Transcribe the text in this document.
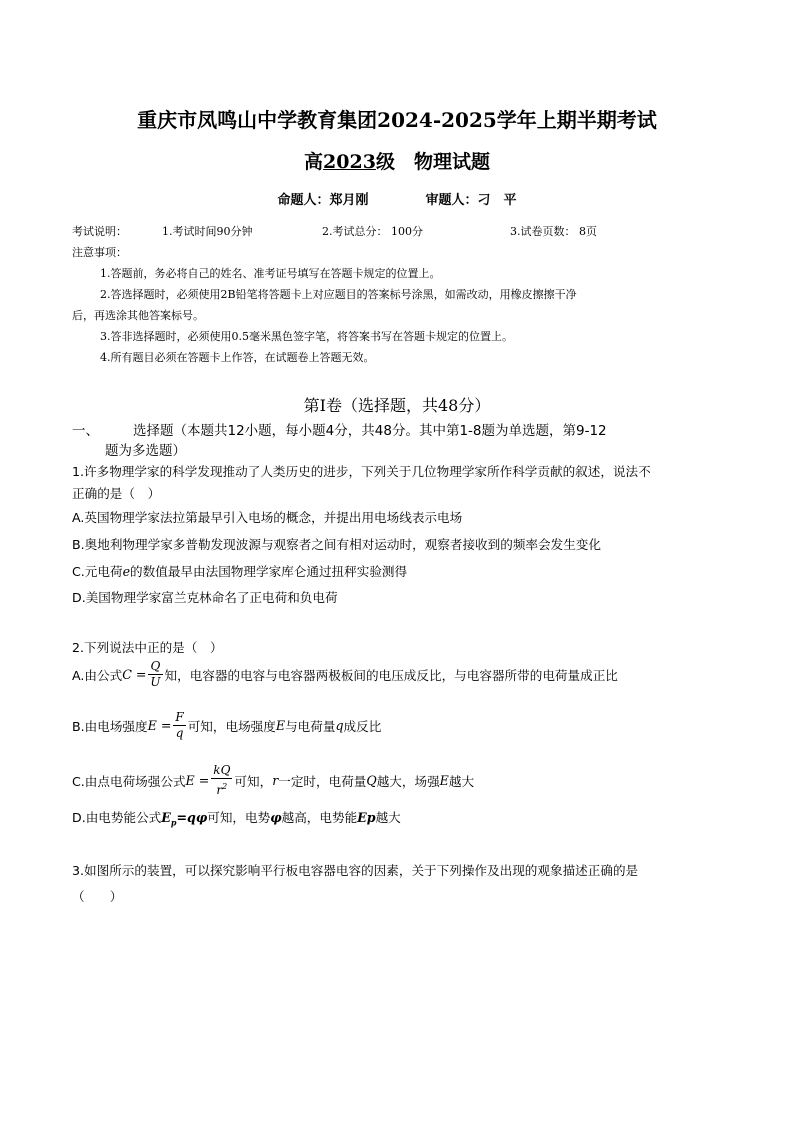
重庆市凤鸣山中学教育集团2024-2025学年上期半期考试
高2023级　物理试题
命题人：郑月刚	审题人：刁　平
考试说明：	1.考试时间90分钟	2.考试总分： 100分	3.试卷页数： 8页
注意事项：
1.答题前，务必将自己的姓名、准考证号填写在答题卡规定的位置上。
2.答选择题时，必须使用2B铅笔将答题卡上对应题目的答案标号涂黑，如需改动，用橡皮擦擦干净
后，再选涂其他答案标号。
3.答非选择题时，必须使用0.5毫米黑色签字笔，将答案书写在答题卡规定的位置上。
4.所有题目必须在答题卡上作答，在试题卷上答题无效。
第Ⅰ卷（选择题，共48分）
一、	选择题（本题共12小题，每小题4分，共48分。其中第1-8题为单选题，第9-12
题为多选题）
1.许多物理学家的科学发现推动了人类历史的进步，下列关于几位物理学家所作科学贡献的叙述，说法不
正确的是（　）
A.英国物理学家法拉第最早引入电场的概念，并提出用电场线表示电场
B.奥地利物理学家多普勒发现波源与观察者之间有相对运动时，观察者接收到的频率会发生变化
C.元电荷e的数值最早由法国物理学家库仑通过扭秤实验测得
D.美国物理学家富兰克林命名了正电荷和负电荷
2.下列说法中正的是（　）
A.由公式$C = \frac{Q}{U}$ 知，电容器的电容与电容器两极板间的电压成反比，与电容器所带的电荷量成正比
B.由电场强度$E = \frac{F}{q}$ 可知，电场强度E与电荷量q成反比
C.由点电荷场强公式$E = \frac{kQ}{r^2}$ 可知，r一定时，电荷量Q越大，场强E越大
D.由电势能公式$E_p=q\varphi$可知，电势φ越高，电势能Ep越大
3.如图所示的装置，可以探究影响平行板电容器电容的因素，关于下列操作及出现的观象描述正确的是
（　　）
